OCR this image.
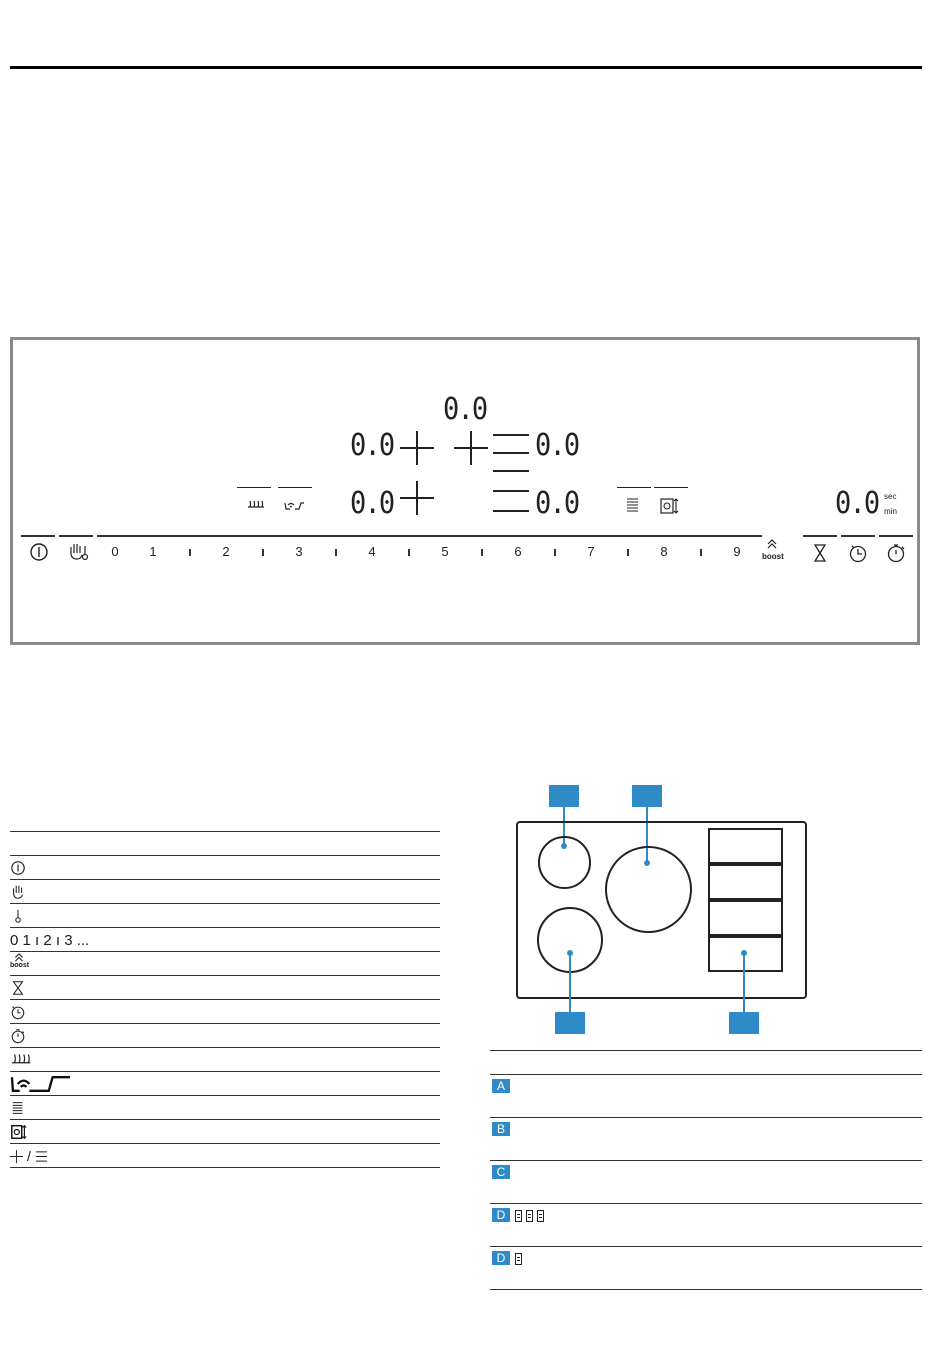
0.0
0.0	0.0
0.0	0.0	0.0 sec
min
0	1	2	3	4	5	6	7	8	9	boost
0 1 ı 2 ı 3 ...
boost
/
A
B
C
D
D
